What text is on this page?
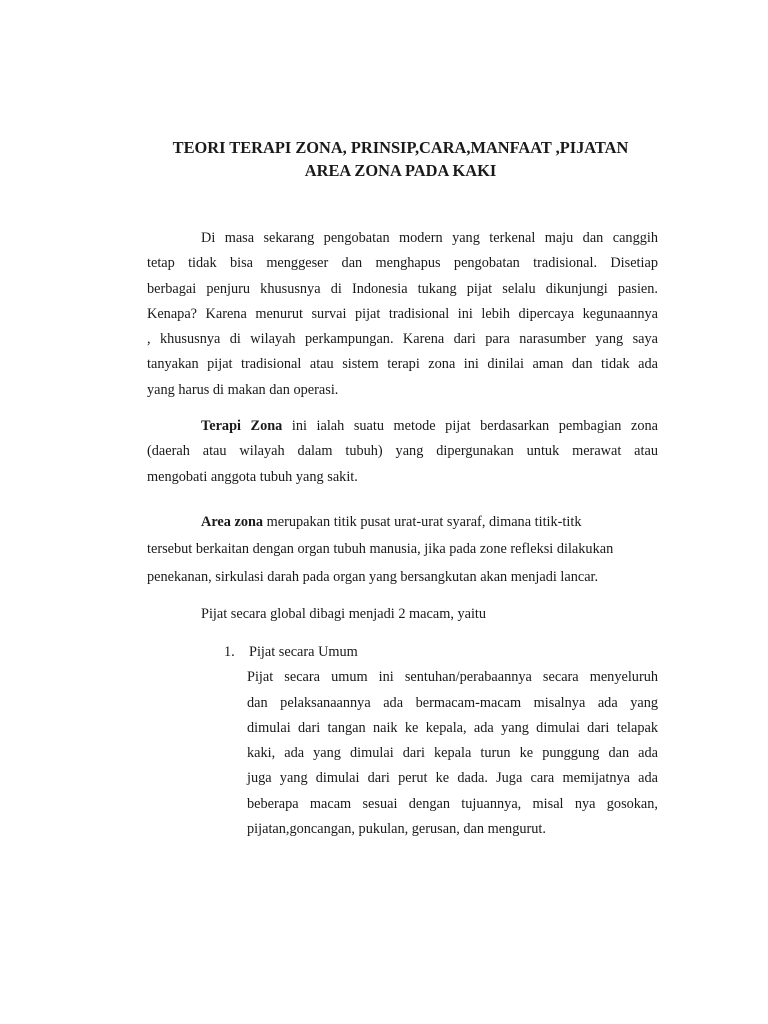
TEORI TERAPI ZONA, PRINSIP,CARA,MANFAAT ,PIJATAN
AREA ZONA PADA KAKI

Di masa sekarang pengobatan modern yang terkenal maju dan canggih
tetap tidak bisa menggeser dan menghapus pengobatan tradisional. Disetiap
berbagai penjuru khususnya di Indonesia tukang pijat selalu dikunjungi pasien.
Kenapa? Karena menurut survai pijat tradisional ini lebih dipercaya kegunaannya
, khususnya di wilayah perkampungan. Karena dari para narasumber yang saya
tanyakan pijat tradisional atau sistem terapi zona ini dinilai aman dan tidak ada
yang harus di makan dan operasi.

Terapi Zona ini ialah suatu metode pijat berdasarkan pembagian zona
(daerah atau wilayah dalam tubuh) yang dipergunakan untuk merawat atau
mengobati anggota tubuh yang sakit.

Area zona merupakan titik pusat urat-urat syaraf, dimana titik-titk
tersebut berkaitan dengan organ tubuh manusia, jika pada zone refleksi dilakukan
penekanan, sirkulasi darah pada organ yang bersangkutan akan menjadi lancar.

Pijat secara global dibagi menjadi 2 macam, yaitu

1. Pijat secara Umum
Pijat secara umum ini sentuhan/perabaannya secara menyeluruh
dan pelaksanaannya ada bermacam-macam misalnya ada yang
dimulai dari tangan naik ke kepala, ada yang dimulai dari telapak
kaki, ada yang dimulai dari kepala turun ke punggung dan ada
juga yang dimulai dari perut ke dada. Juga cara memijatnya ada
beberapa macam sesuai dengan tujuannya, misal nya gosokan,
pijatan,goncangan, pukulan, gerusan, dan mengurut.
